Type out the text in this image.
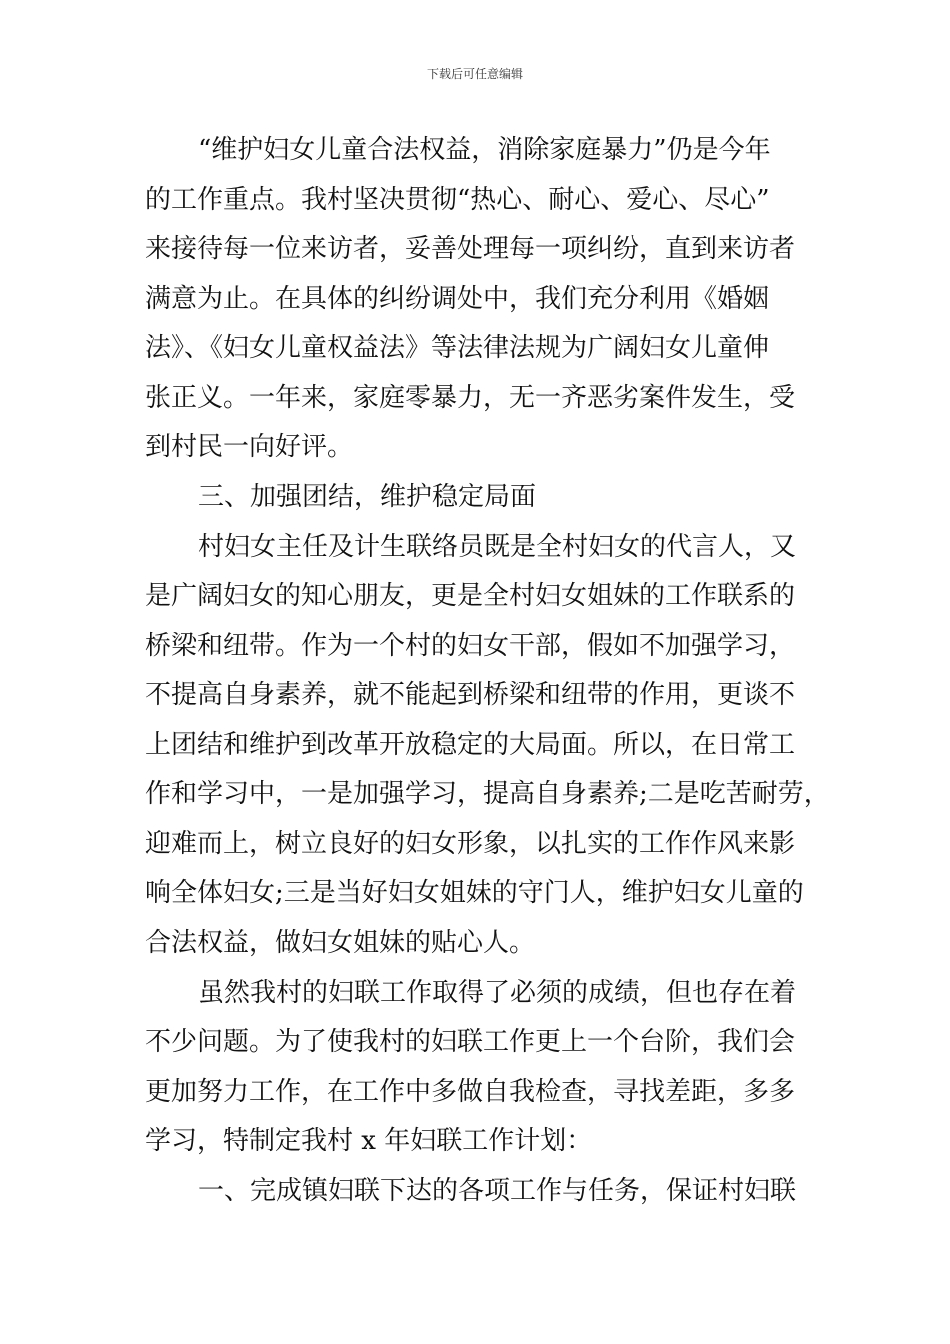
下载后可任意编辑
“维护妇女儿童合法权益，消除家庭暴力”仍是今年
的工作重点。我村坚决贯彻“热心、耐心、爱心、尽心”
来接待每一位来访者，妥善处理每一项纠纷，直到来访者
满意为止。在具体的纠纷调处中，我们充分利用《婚姻
法》、《妇女儿童权益法》等法律法规为广阔妇女儿童伸
张正义。一年来，家庭零暴力，无一齐恶劣案件发生，受
到村民一向好评。
三、加强团结，维护稳定局面
村妇女主任及计生联络员既是全村妇女的代言人，又
是广阔妇女的知心朋友，更是全村妇女姐妹的工作联系的
桥梁和纽带。作为一个村的妇女干部，假如不加强学习，
不提高自身素养，就不能起到桥梁和纽带的作用，更谈不
上团结和维护到改革开放稳定的大局面。所以，在日常工
作和学习中，一是加强学习，提高自身素养;二是吃苦耐劳，
迎难而上，树立良好的妇女形象，以扎实的工作作风来影
响全体妇女;三是当好妇女姐妹的守门人，维护妇女儿童的
合法权益，做妇女姐妹的贴心人。
虽然我村的妇联工作取得了必须的成绩，但也存在着
不少问题。为了使我村的妇联工作更上一个台阶，我们会
更加努力工作，在工作中多做自我检查，寻找差距，多多
学习，特制定我村 x 年妇联工作计划：
一、完成镇妇联下达的各项工作与任务，保证村妇联
